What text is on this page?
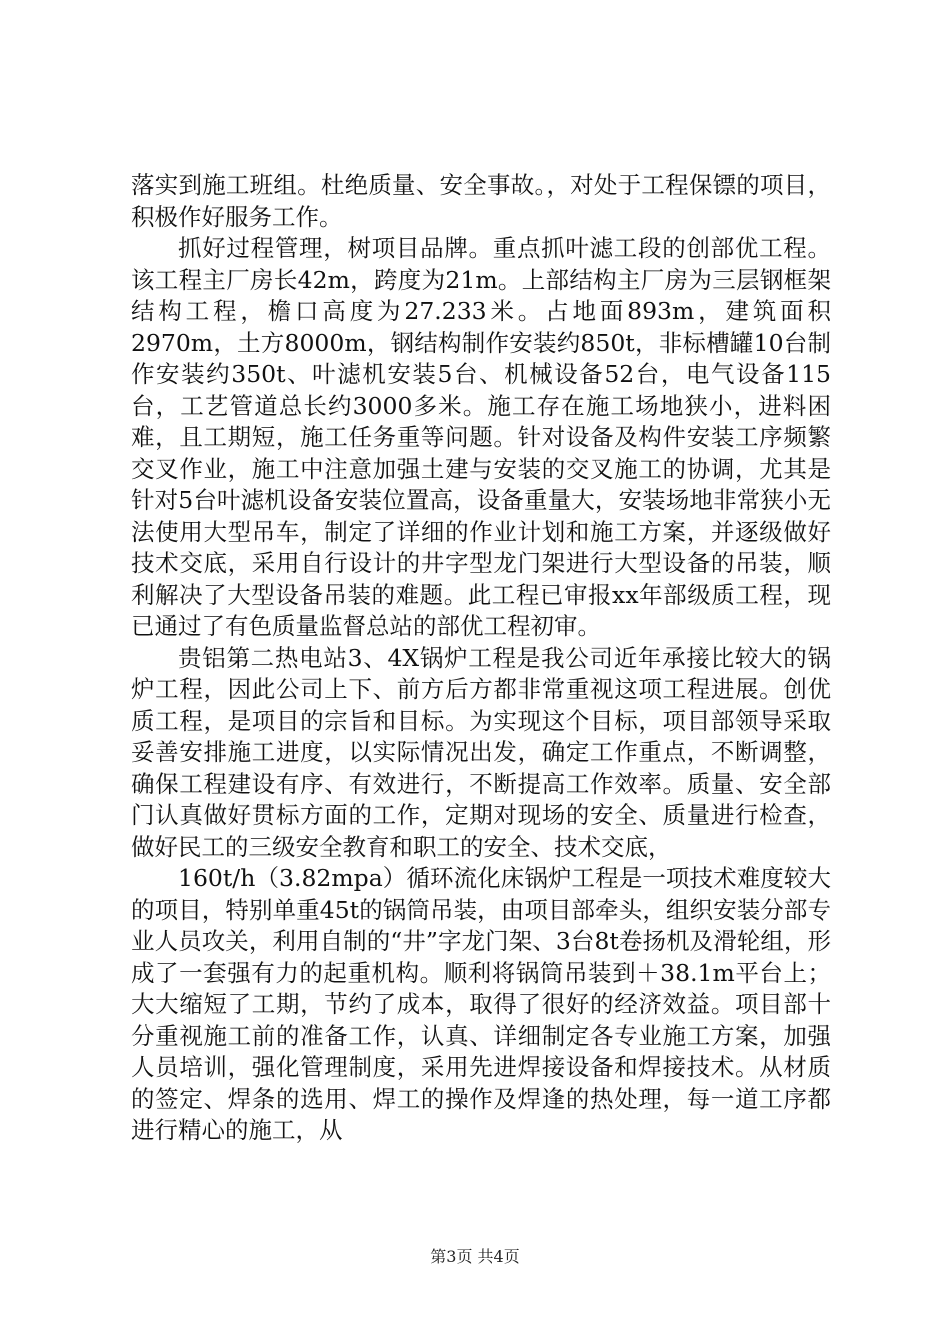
落实到施工班组。杜绝质量、安全事故。，对处于工程保镖的项目，积极作好服务工作。

抓好过程管理，树项目品牌。重点抓叶滤工段的创部优工程。该工程主厂房长42m，跨度为21m。上部结构主厂房为三层钢框架结构工程，檐口高度为27.233米。占地面893m，建筑面积2970m，土方8000m，钢结构制作安装约850t，非标槽罐10台制作安装约350t、叶滤机安装5台、机械设备52台，电气设备115台，工艺管道总长约3000多米。施工存在施工场地狭小，进料困难，且工期短，施工任务重等问题。针对设备及构件安装工序频繁交叉作业，施工中注意加强土建与安装的交叉施工的协调，尤其是针对5台叶滤机设备安装位置高，设备重量大，安装场地非常狭小无法使用大型吊车，制定了详细的作业计划和施工方案，并逐级做好技术交底，采用自行设计的井字型龙门架进行大型设备的吊装，顺利解决了大型设备吊装的难题。此工程已审报xx年部级质工程，现已通过了有色质量监督总站的部优工程初审。

贵铝第二热电站3、4X锅炉工程是我公司近年承接比较大的锅炉工程，因此公司上下、前方后方都非常重视这项工程进展。创优质工程，是项目的宗旨和目标。为实现这个目标，项目部领导采取妥善安排施工进度，以实际情况出发，确定工作重点，不断调整，确保工程建设有序、有效进行，不断提高工作效率。质量、安全部门认真做好贯标方面的工作，定期对现场的安全、质量进行检查，做好民工的三级安全教育和职工的安全、技术交底，

160t/h（3.82mpa）循环流化床锅炉工程是一项技术难度较大的项目，特别单重45t的锅筒吊装，由项目部牵头，组织安装分部专业人员攻关，利用自制的“井”字龙门架、3台8t卷扬机及滑轮组，形成了一套强有力的起重机构。顺利将锅筒吊装到＋38.1m平台上；大大缩短了工期，节约了成本，取得了很好的经济效益。项目部十分重视施工前的准备工作，认真、详细制定各专业施工方案，加强人员培训，强化管理制度，采用先进焊接设备和焊接技术。从材质的签定、焊条的选用、焊工的操作及焊逢的热处理，每一道工序都进行精心的施工，从

第3页 共4页
